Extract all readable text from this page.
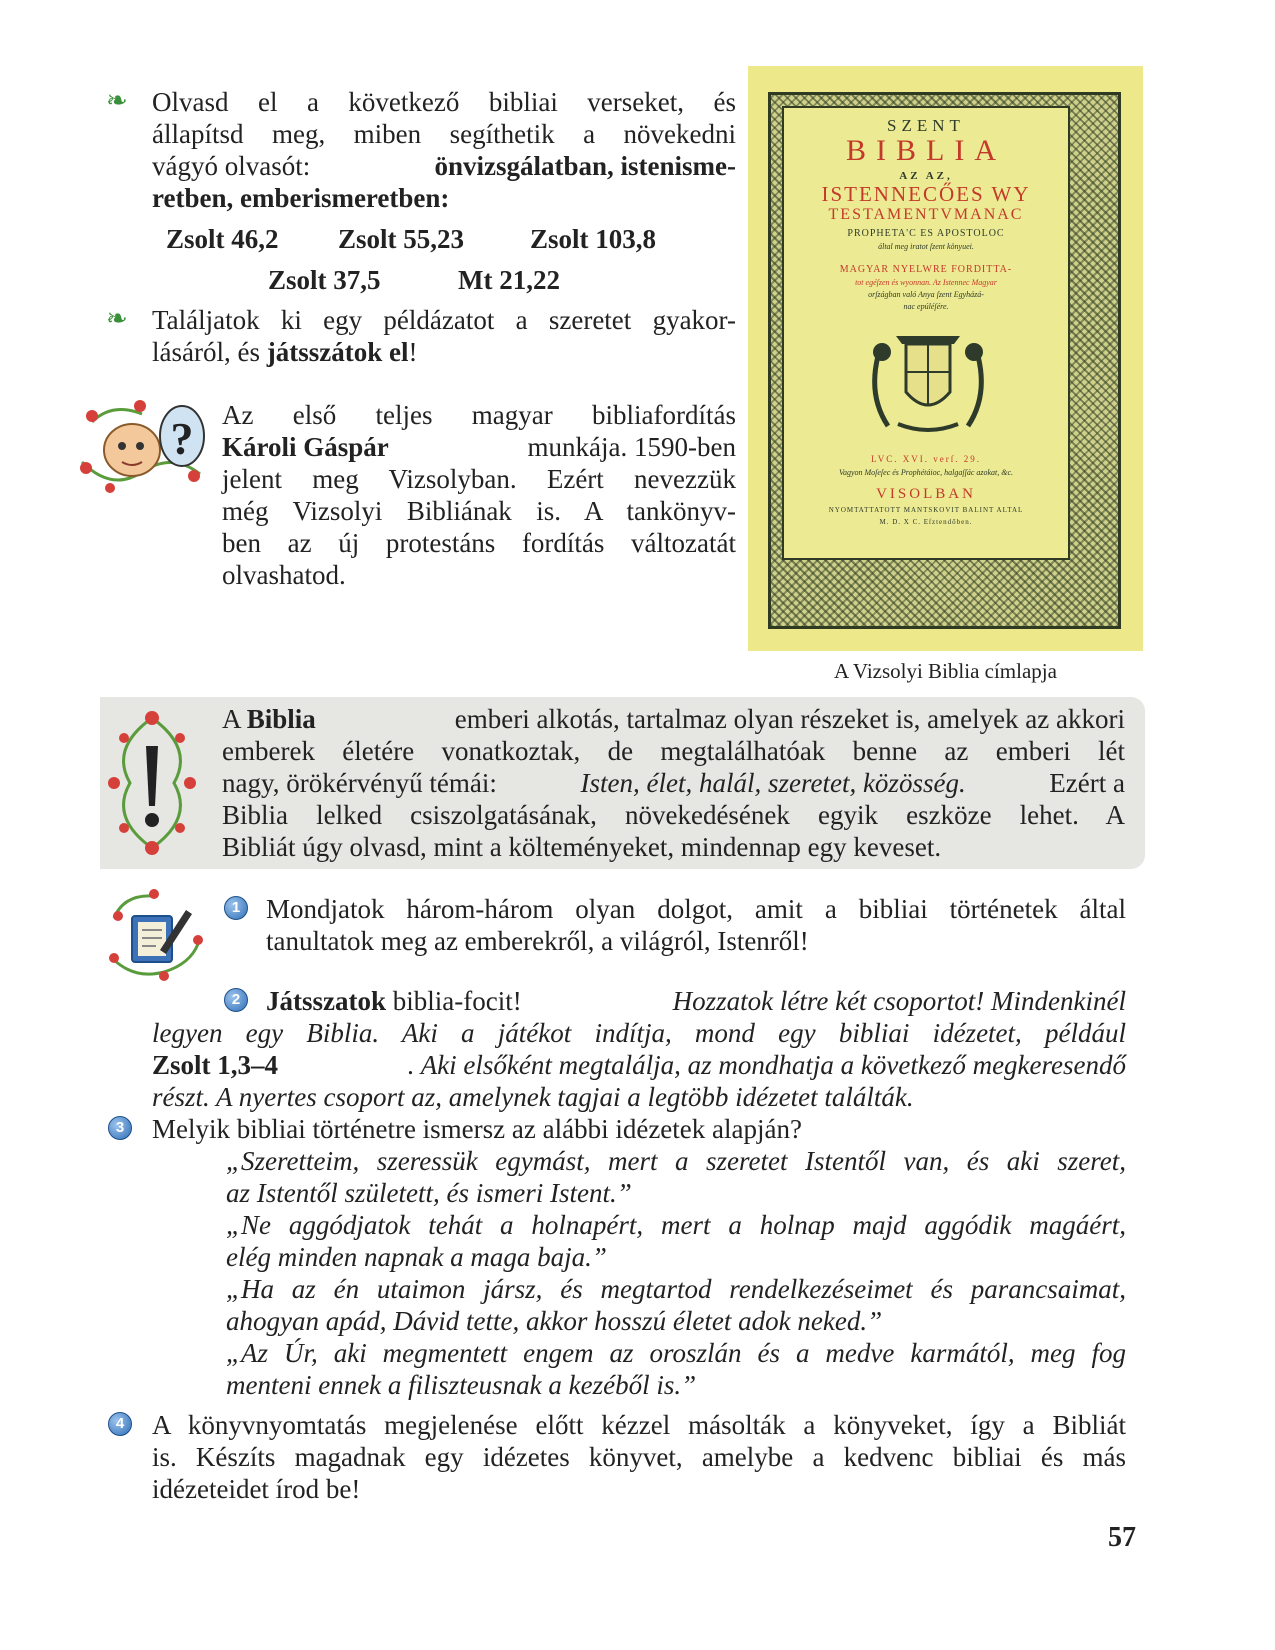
❧ Olvasd el a következő bibliai verseket, és
állapítsd meg, miben segíthetik a növekedni
vágyó olvasót:	önvizsgálatban, istenisme-
retben, emberismeretben:
Zsolt 46,2 Zsolt 55,23 Zsolt 103,8
Zsolt 37,5	Mt 21,22
❧ Találjatok ki egy példázatot a szeretet gyakor-
lásáról, és játsszátok el!
? Az első teljes magyar bibliafordítás
Károli Gáspár	munkája. 1590-ben
jelent meg Vizsolyban. Ezért nevezzük
még Vizsolyi Bibliának is. A tankönyv-
ben az új protestáns fordítás változatát
olvashatod.
SZENT
BIBLIA
AZ AZ,
ISTENNECŐES WY
TESTAMENTVMANAC
PROPHETA'C ES APOSTOLOC
által meg iratot ſzent könyuei.
MAGYAR NYELWRE FORDITTA-
tot egéſzen és wyonnan. Az Istennec Magyar
orſzágban való Anya ſzent Egyházá-
nac epúléſére.
LVC. XVI. verſ. 29.
Vagyon Moſeſec és Prophétáioc, halgaſſác azokat, &c.
VISOLBAN
NYOMTATTATOTT MANTSKOVIT BALINT ALTAL
M. D. X C. Eſztendőben.
A Vizsolyi Biblia címlapja
A Biblia	emberi alkotás, tartalmaz olyan részeket is, amelyek az akkori
emberek életére vonatkoztak, de megtalálhatóak benne az emberi lét
nagy, örökérvényű témái:	Isten, élet, halál, szeretet, közösség.	Ezért a
Biblia lelked csiszolgatásának, növekedésének egyik eszköze lehet. A
Bibliát úgy olvasd, mint a költeményeket, mindennap egy keveset.
1 Mondjatok három-három olyan dolgot, amit a bibliai történetek által
tanultatok meg az emberekről, a világról, Istenről!
2 Játsszatok biblia-focit!	Hozzatok létre két csoportot! Mindenkinél
legyen egy Biblia. Aki a játékot indítja, mond egy bibliai idézetet, például
Zsolt 1,3–4	. Aki elsőként megtalálja, az mondhatja a következő megkeresendő
részt. A nyertes csoport az, amelynek tagjai a legtöbb idézetet találták.
3 Melyik bibliai történetre ismersz az alábbi idézetek alapján?
„Szeretteim, szeressük egymást, mert a szeretet Istentől van, és aki szeret,
az Istentől született, és ismeri Istent.”
„Ne aggódjatok tehát a holnapért, mert a holnap majd aggódik magáért,
elég minden napnak a maga baja.”
„Ha az én utaimon jársz, és megtartod rendelkezéseimet és parancsaimat,
ahogyan apád, Dávid tette, akkor hosszú életet adok neked.”
„Az Úr, aki megmentett engem az oroszlán és a medve karmától, meg fog
menteni ennek a filiszteusnak a kezéből is.”
4 A könyvnyomtatás megjelenése előtt kézzel másolták a könyveket, így a Bibliát
is. Készíts magadnak egy idézetes könyvet, amelybe a kedvenc bibliai és más
idézeteidet írod be!
57
